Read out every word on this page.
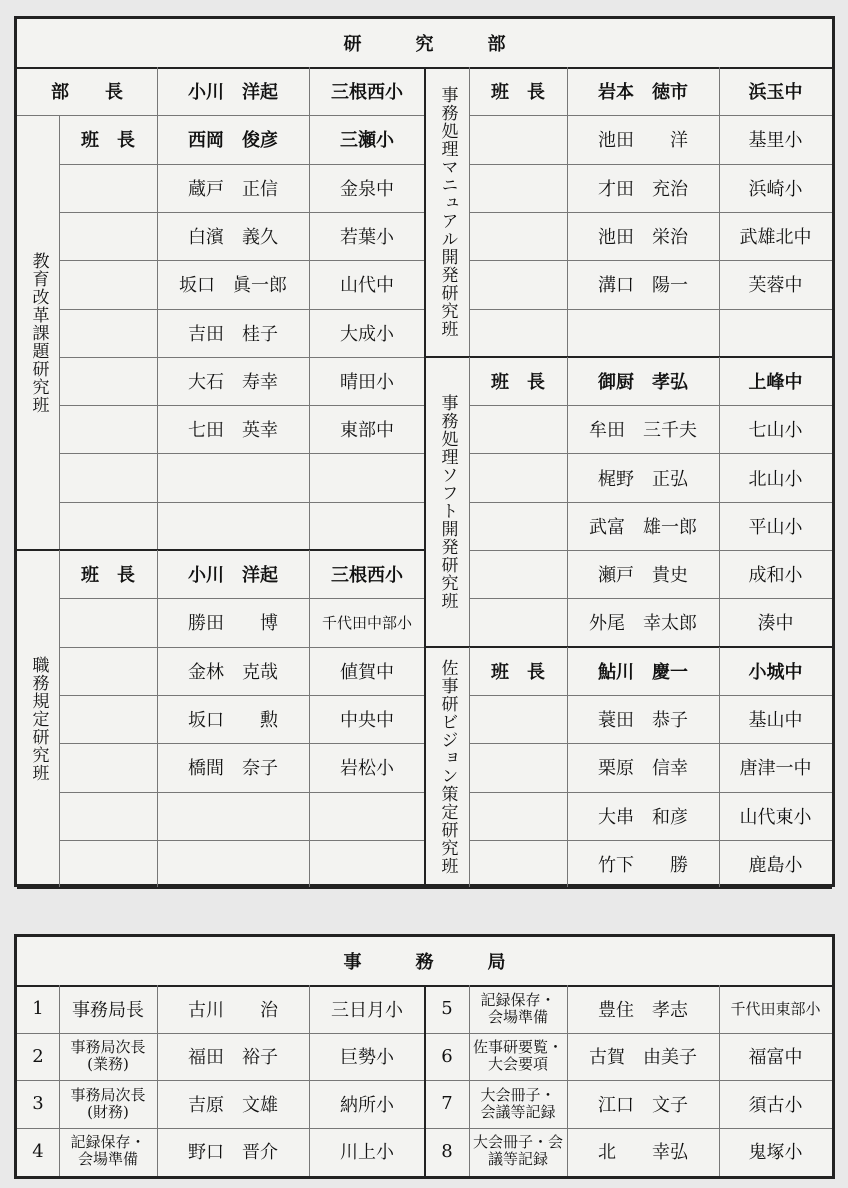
研　　　究　　　部
部　　長	小川　洋起	三根西小
教育改革課題研究班
班　長	西岡　俊彦	三瀬小
蔵戸　正信	金泉中
白濱　義久	若葉小
坂口　眞一郎	山代中
吉田　桂子	大成小
大石　寿幸	晴田小
七田　英幸	東部中
職務規定研究班
班　長	小川　洋起	三根西小
勝田　　博	千代田中部小
金林　克哉	値賀中
坂口　　勲	中央中
橋間　奈子	岩松小
事務処理マニュアル開発研究班	班　長	岩本　徳市	浜玉中
池田　　洋	基里小
才田　充治	浜崎小
池田　栄治	武雄北中
溝口　陽一	芙蓉中
事務処理ソフト開発研究班
班　長	御厨　孝弘	上峰中
牟田　三千夫	七山小
梶野　正弘	北山小
武富　雄一郎	平山小
瀬戸　貴史	成和小
外尾　幸太郎	湊中
佐事研ビジョン策定研究班	班　長	鮎川　慶一	小城中
蓑田　恭子	基山中
栗原　信幸	唐津一中
大串　和彦	山代東小
竹下　　勝	鹿島小
事　　　務　　　局
1	事務局長	古川　　治	三日月小
2	事務局次長
(業務)	福田　裕子	巨勢小
3	事務局次長
(財務)	吉原　文雄	納所小
4	記録保存・
会場準備	野口　晋介	川上小
5	記録保存・
会場準備	豊住　孝志	千代田東部小
6	佐事研要覧・
大会要項	古賀　由美子	福富中
7	大会冊子・
会議等記録	江口　文子	須古小
8	大会冊子・会
議等記録	北　　幸弘	鬼塚小
